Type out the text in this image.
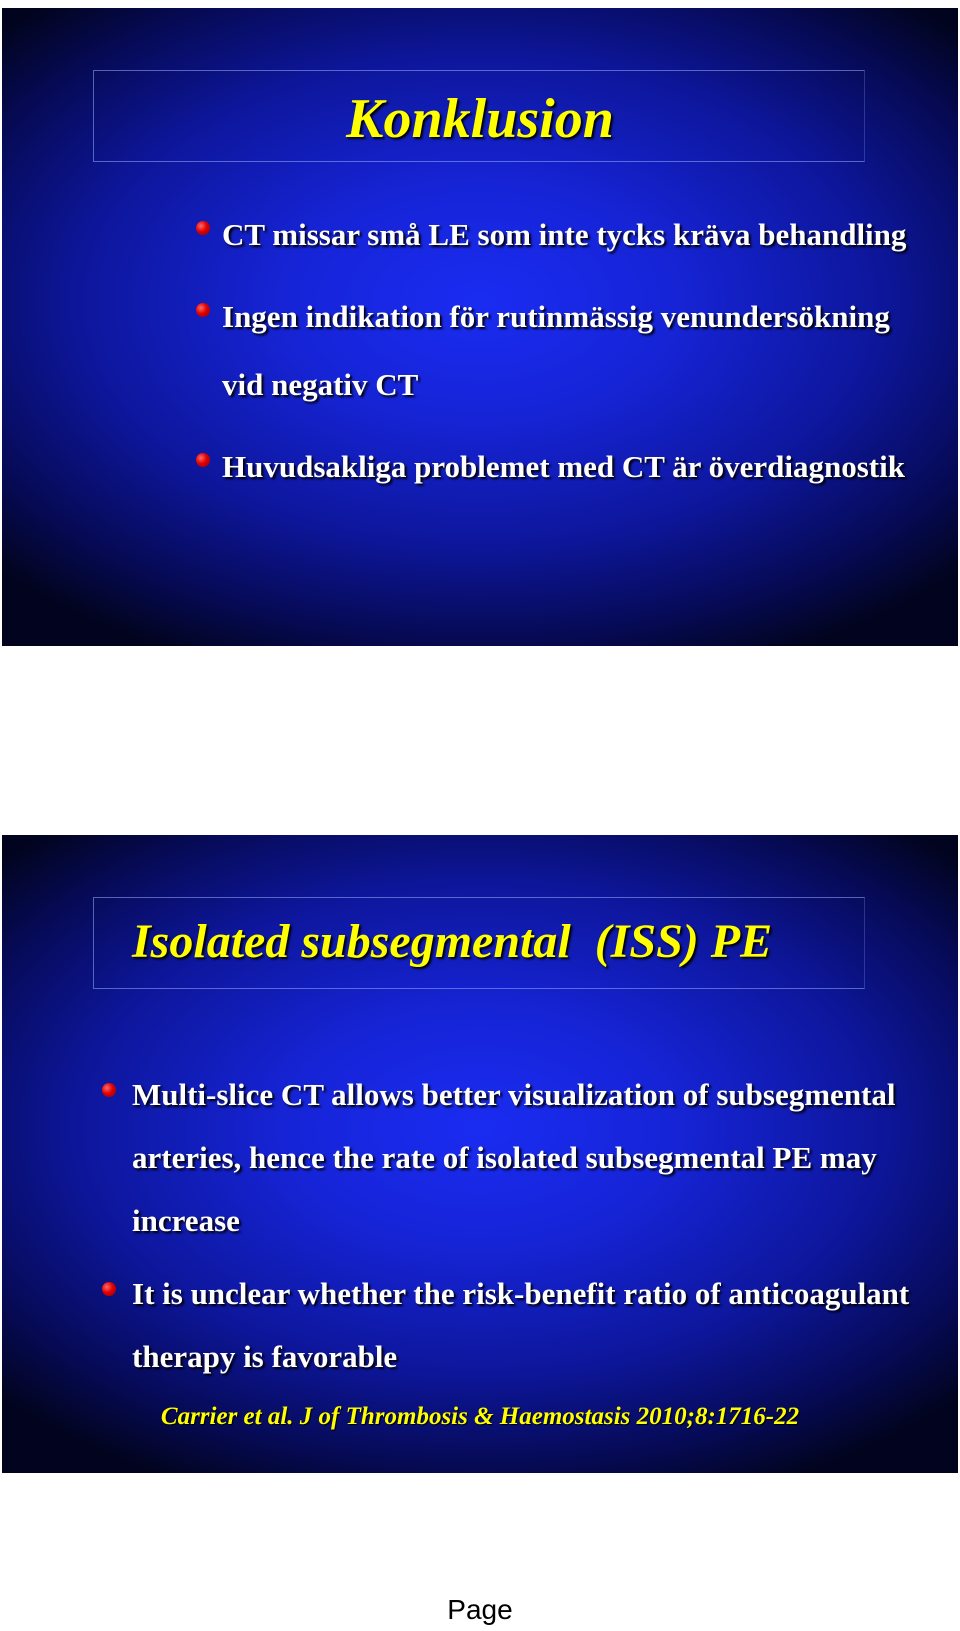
Konklusion
CT missar små LE som inte tycks kräva behandling
Ingen indikation för rutinmässig venundersökning vid negativ CT
Huvudsakliga problemet med CT är överdiagnostik
Isolated subsegmental  (ISS) PE
Multi-slice CT allows better visualization of subsegmental arteries, hence the rate of isolated subsegmental PE may increase
It is unclear whether the risk-benefit ratio of anticoagulant therapy is favorable
Carrier et al. J of Thrombosis & Haemostasis 2010;8:1716-22
Page
